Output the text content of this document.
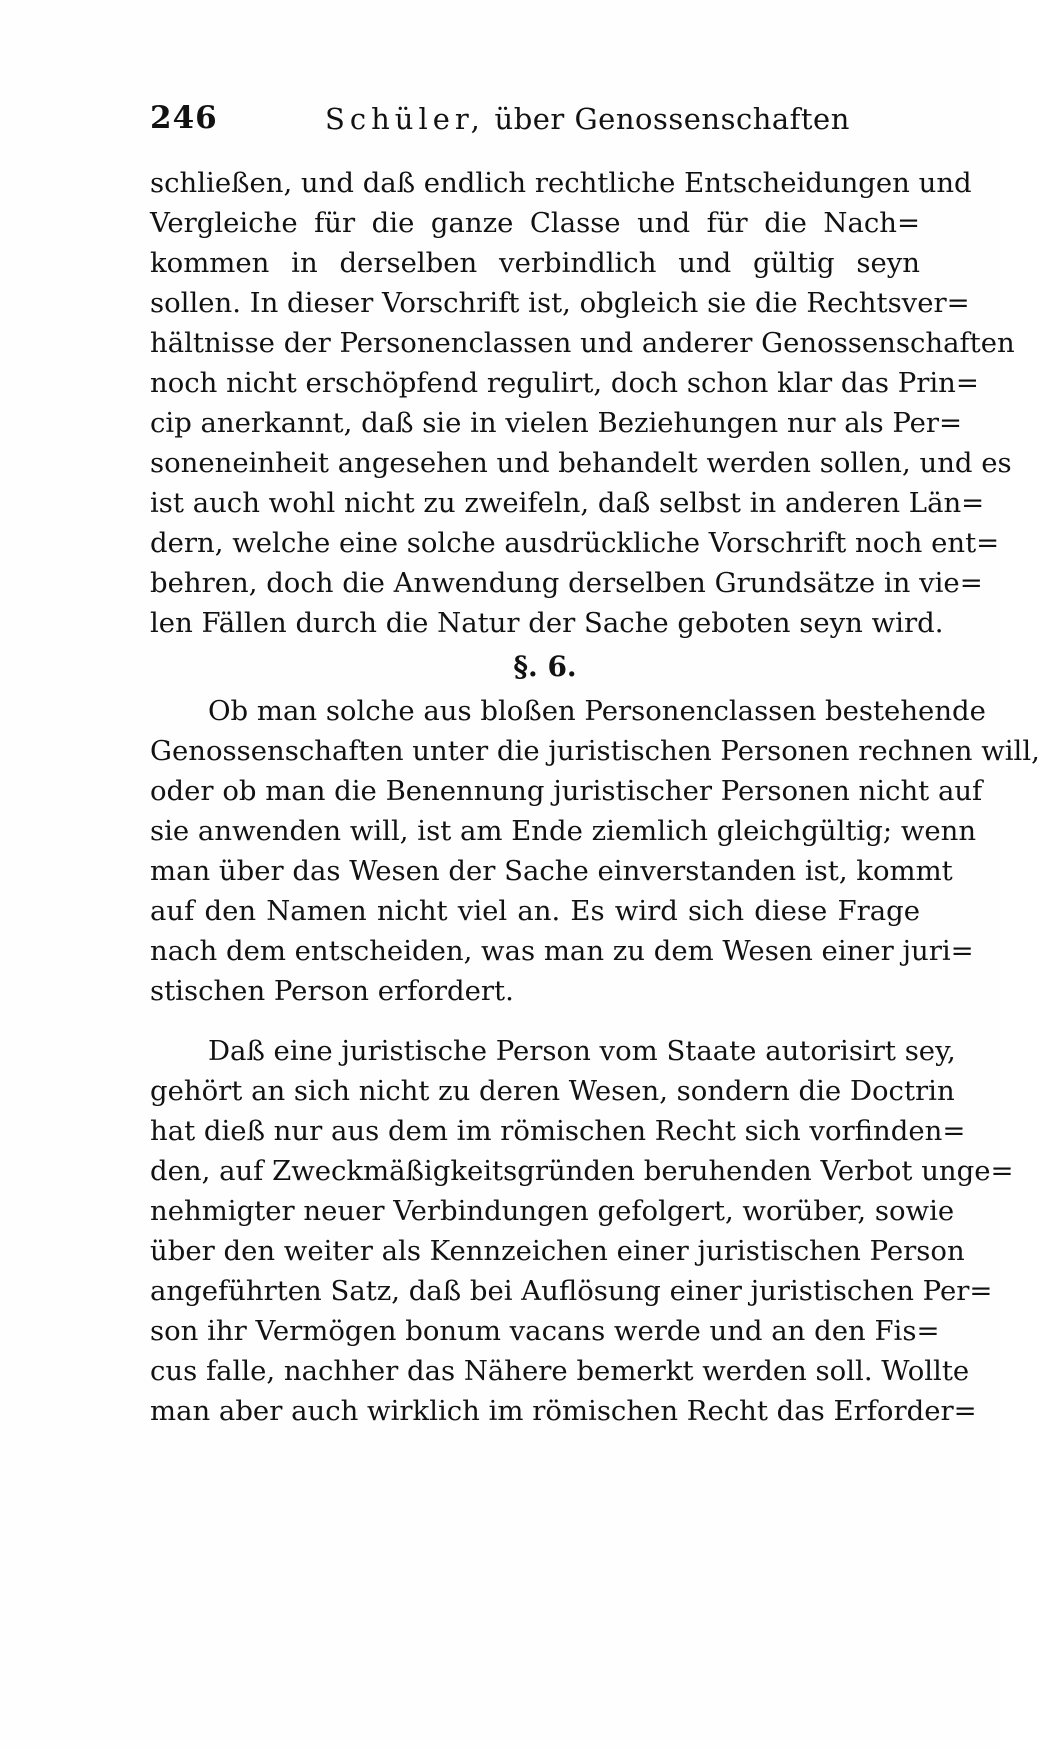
246	Schüler, über Genossenschaften
schließen, und daß endlich rechtliche Entscheidungen und
Vergleiche für die ganze Classe und für die Nach=
kommen in derselben verbindlich und gültig seyn
sollen. In dieser Vorschrift ist, obgleich sie die Rechtsver=
hältnisse der Personenclassen und anderer Genossenschaften
noch nicht erschöpfend regulirt, doch schon klar das Prin=
cip anerkannt, daß sie in vielen Beziehungen nur als Per=
soneneinheit angesehen und behandelt werden sollen, und es
ist auch wohl nicht zu zweifeln, daß selbst in anderen Län=
dern, welche eine solche ausdrückliche Vorschrift noch ent=
behren, doch die Anwendung derselben Grundsätze in vie=
len Fällen durch die Natur der Sache geboten seyn wird.
§. 6.
Ob man solche aus bloßen Personenclassen bestehende
Genossenschaften unter die juristischen Personen rechnen will,
oder ob man die Benennung juristischer Personen nicht auf
sie anwenden will, ist am Ende ziemlich gleichgültig; wenn
man über das Wesen der Sache einverstanden ist, kommt
auf den Namen nicht viel an. Es wird sich diese Frage
nach dem entscheiden, was man zu dem Wesen einer juri=
stischen Person erfordert.
Daß eine juristische Person vom Staate autorisirt sey,
gehört an sich nicht zu deren Wesen, sondern die Doctrin
hat dieß nur aus dem im römischen Recht sich vorfinden=
den, auf Zweckmäßigkeitsgründen beruhenden Verbot unge=
nehmigter neuer Verbindungen gefolgert, worüber, sowie
über den weiter als Kennzeichen einer juristischen Person
angeführten Satz, daß bei Auflösung einer juristischen Per=
son ihr Vermögen bonum vacans werde und an den Fis=
cus falle, nachher das Nähere bemerkt werden soll. Wollte
man aber auch wirklich im römischen Recht das Erforder=
